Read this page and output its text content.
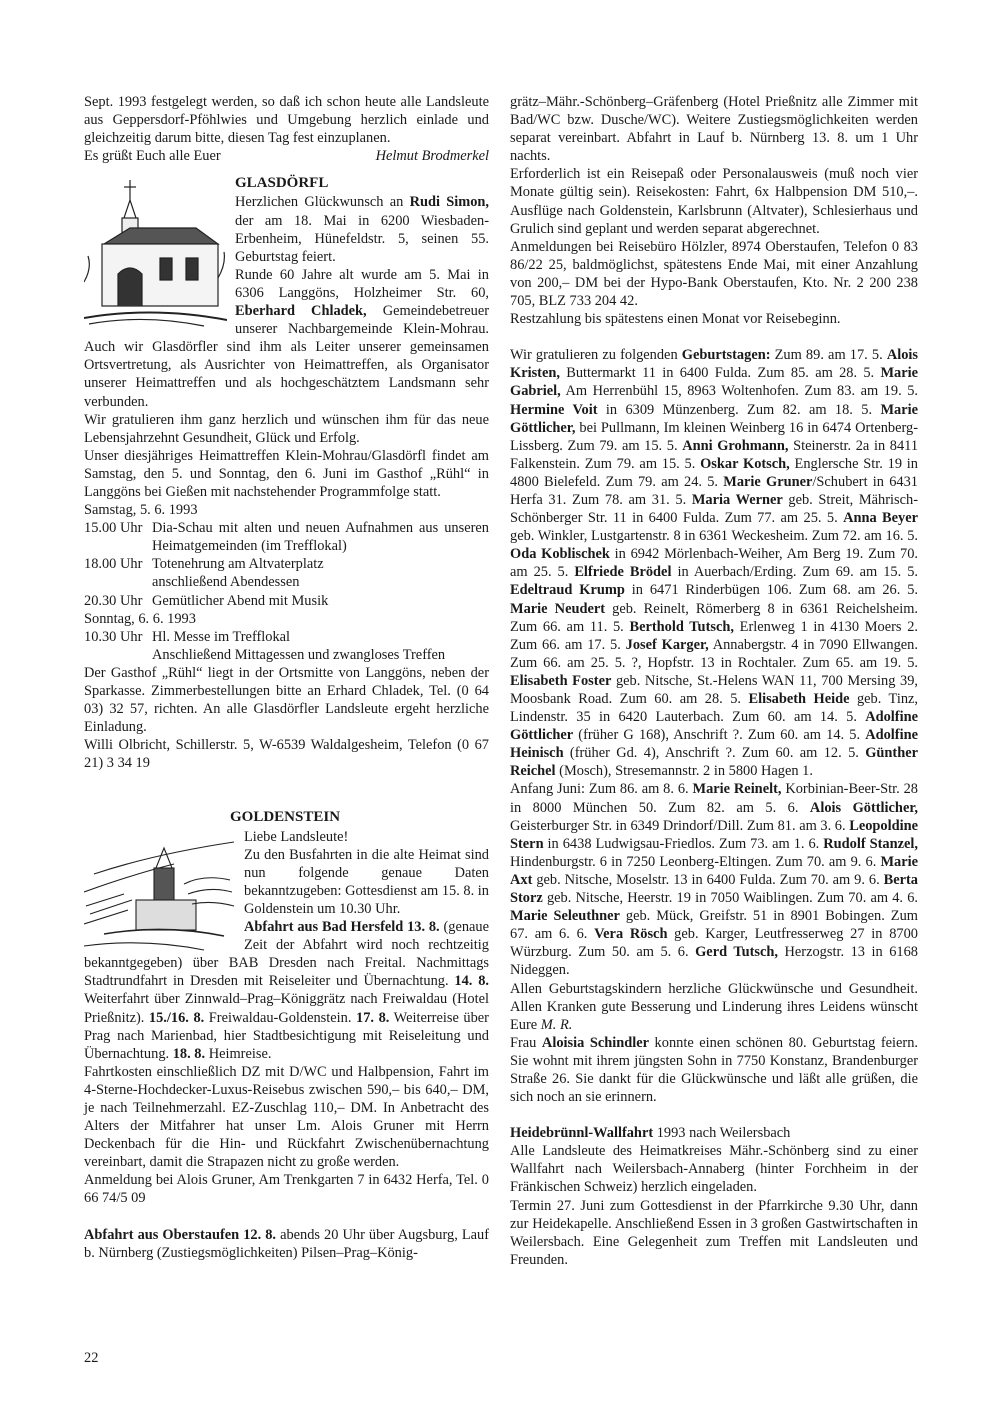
Sept. 1993 festgelegt werden, so daß ich schon heute alle Landsleute aus Geppersdorf-Pföhlwies und Umgebung herzlich einlade und gleichzeitig darum bitte, diesen Tag fest einzuplanen.

Es grüßt Euch alle Euer	Helmut Brodmerkel

GLASDÖRFL

Herzlichen Glückwunsch an Rudi Simon, der am 18. Mai in 6200 Wiesbaden-Erbenheim, Hünefeldstr. 5, seinen 55. Geburtstag feiert.

Runde 60 Jahre alt wurde am 5. Mai in 6306 Langgöns, Holzheimer Str. 60, Eberhard Chladek, Gemeindebetreuer unserer Nachbargemeinde Klein-Mohrau. Auch wir Glasdörfler sind ihm als Leiter unserer gemeinsamen Ortsvertretung, als Ausrichter von Heimattreffen, als Organisator unserer Heimattreffen und als hochgeschätztem Landsmann sehr verbunden.

Wir gratulieren ihm ganz herzlich und wünschen ihm für das neue Lebensjahrzehnt Gesundheit, Glück und Erfolg.

Unser diesjähriges Heimattreffen Klein-Mohrau/Glasdörfl findet am Samstag, den 5. und Sonntag, den 6. Juni im Gasthof „Rühl“ in Langgöns bei Gießen mit nachstehender Programmfolge statt.

Samstag, 5. 6. 1993

15.00 Uhr Dia-Schau mit alten und neuen Aufnahmen aus unseren Heimatgemeinden (im Trefflokal)
18.00 Uhr Totenehrung am Altvaterplatz

anschließend Abendessen

20.30 Uhr Gemütlicher Abend mit Musik

Sonntag, 6. 6. 1993

10.30 Uhr Hl. Messe im Trefflokal

Anschließend Mittagessen und zwangloses Treffen

Der Gasthof „Rühl“ liegt in der Ortsmitte von Langgöns, neben der Sparkasse. Zimmerbestellungen bitte an Erhard Chladek, Tel. (0 64 03) 32 57, richten. An alle Glasdörfler Landsleute ergeht herzliche Einladung.

Willi Olbricht, Schillerstr. 5, W-6539 Waldalgesheim, Telefon (0 67 21) 3 34 19

GOLDENSTEIN

Liebe Landsleute!

Zu den Busfahrten in die alte Heimat sind nun folgende genaue Daten bekanntzugeben: Gottesdienst am 15. 8. in Goldenstein um 10.30 Uhr.

Abfahrt aus Bad Hersfeld 13. 8. (genaue Zeit der Abfahrt wird noch rechtzeitig bekanntgegeben) über BAB Dresden nach Freital. Nachmittags Stadtrundfahrt in Dresden mit Reiseleiter und Übernachtung. 14. 8. Weiterfahrt über Zinnwald–Prag–Königgrätz nach Freiwaldau (Hotel Prießnitz). 15./16. 8. Freiwaldau-Goldenstein. 17. 8. Weiterreise über Prag nach Marienbad, hier Stadtbesichtigung mit Reiseleitung und Übernachtung. 18. 8. Heimreise.

Fahrtkosten einschließlich DZ mit D/WC und Halbpension, Fahrt im 4-Sterne-Hochdecker-Luxus-Reisebus zwischen 590,– bis 640,– DM, je nach Teilnehmerzahl. EZ-Zuschlag 110,– DM. In Anbetracht des Alters der Mitfahrer hat unser Lm. Alois Gruner mit Herrn Deckenbach für die Hin- und Rückfahrt Zwischenübernachtung vereinbart, damit die Strapazen nicht zu große werden.

Anmeldung bei Alois Gruner, Am Trenkgarten 7 in 6432 Herfa, Tel. 0 66 74/5 09

Abfahrt aus Oberstaufen 12. 8. abends 20 Uhr über Augsburg, Lauf b. Nürnberg (Zustiegsmöglichkeiten) Pilsen–Prag–König-

grätz–Mähr.-Schönberg–Gräfenberg (Hotel Prießnitz alle Zimmer mit Bad/WC bzw. Dusche/WC). Weitere Zustiegsmöglichkeiten werden separat vereinbart. Abfahrt in Lauf b. Nürnberg 13. 8. um 1 Uhr nachts.

Erforderlich ist ein Reisepaß oder Personalausweis (muß noch vier Monate gültig sein). Reisekosten: Fahrt, 6x Halbpension DM 510,–. Ausflüge nach Goldenstein, Karlsbrunn (Altvater), Schlesierhaus und Grulich sind geplant und werden separat abgerechnet.

Anmeldungen bei Reisebüro Hölzler, 8974 Oberstaufen, Telefon 0 83 86/22 25, baldmöglichst, spätestens Ende Mai, mit einer Anzahlung von 200,– DM bei der Hypo-Bank Oberstaufen, Kto. Nr. 2 200 238 705, BLZ 733 204 42.

Restzahlung bis spätestens einen Monat vor Reisebeginn.

Wir gratulieren zu folgenden Geburtstagen: Zum 89. am 17. 5. Alois Kristen, Buttermarkt 11 in 6400 Fulda. Zum 85. am 28. 5. Marie Gabriel, Am Herrenbühl 15, 8963 Woltenhofen. Zum 83. am 19. 5. Hermine Voit in 6309 Münzenberg. Zum 82. am 18. 5. Marie Göttlicher, bei Pullmann, Im kleinen Weinberg 16 in 6474 Ortenberg-Lissberg. Zum 79. am 15. 5. Anni Grohmann, Steinerstr. 2a in 8411 Falkenstein. Zum 79. am 15. 5. Oskar Kotsch, Englersche Str. 19 in 4800 Bielefeld. Zum 79. am 24. 5. Marie Gruner/Schubert in 6431 Herfa 31. Zum 78. am 31. 5. Maria Werner geb. Streit, Mährisch-Schönberger Str. 11 in 6400 Fulda. Zum 77. am 25. 5. Anna Beyer geb. Winkler, Lustgartenstr. 8 in 6361 Weckesheim. Zum 72. am 16. 5. Oda Koblischek in 6942 Mörlenbach-Weiher, Am Berg 19. Zum 70. am 25. 5. Elfriede Brödel in Auerbach/Erding. Zum 69. am 15. 5. Edeltraud Krump in 6471 Rinderbügen 106. Zum 68. am 26. 5. Marie Neudert geb. Reinelt, Römerberg 8 in 6361 Reichelsheim. Zum 66. am 11. 5. Berthold Tutsch, Erlenweg 1 in 4130 Moers 2. Zum 66. am 17. 5. Josef Karger, Annabergstr. 4 in 7090 Ellwangen. Zum 66. am 25. 5. ?, Hopfstr. 13 in Rochtaler. Zum 65. am 19. 5. Elisabeth Foster geb. Nitsche, St.-Helens WAN 11, 700 Mersing 39, Moosbank Road. Zum 60. am 28. 5. Elisabeth Heide geb. Tinz, Lindenstr. 35 in 6420 Lauterbach. Zum 60. am 14. 5. Adolfine Göttlicher (früher G 168), Anschrift ?. Zum 60. am 14. 5. Adolfine Heinisch (früher Gd. 4), Anschrift ?. Zum 60. am 12. 5. Günther Reichel (Mosch), Stresemannstr. 2 in 5800 Hagen 1.

Anfang Juni: Zum 86. am 8. 6. Marie Reinelt, Korbinian-Beer-Str. 28 in 8000 München 50. Zum 82. am 5. 6. Alois Göttlicher, Geisterburger Str. in 6349 Drindorf/Dill. Zum 81. am 3. 6. Leopoldine Stern in 6438 Ludwigsau-Friedlos. Zum 73. am 1. 6. Rudolf Stanzel, Hindenburgstr. 6 in 7250 Leonberg-Eltingen. Zum 70. am 9. 6. Marie Axt geb. Nitsche, Moselstr. 13 in 6400 Fulda. Zum 70. am 9. 6. Berta Storz geb. Nitsche, Heerstr. 19 in 7050 Waiblingen. Zum 70. am 4. 6. Marie Seleuthner geb. Mück, Greifstr. 51 in 8901 Bobingen. Zum 67. am 6. 6. Vera Rösch geb. Karger, Leutfresserweg 27 in 8700 Würzburg. Zum 50. am 5. 6. Gerd Tutsch, Herzogstr. 13 in 6168 Nideggen.

Allen Geburtstagskindern herzliche Glückwünsche und Gesundheit. Allen Kranken gute Besserung und Linderung ihres Leidens wünscht Eure M. R.

Frau Aloisia Schindler konnte einen schönen 80. Geburtstag feiern. Sie wohnt mit ihrem jüngsten Sohn in 7750 Konstanz, Brandenburger Straße 26. Sie dankt für die Glückwünsche und läßt alle grüßen, die sich noch an sie erinnern.

Heidebrünnl-Wallfahrt 1993 nach Weilersbach

Alle Landsleute des Heimatkreises Mähr.-Schönberg sind zu einer Wallfahrt nach Weilersbach-Annaberg (hinter Forchheim in der Fränkischen Schweiz) herzlich eingeladen.

Termin 27. Juni zum Gottesdienst in der Pfarrkirche 9.30 Uhr, dann zur Heidekapelle. Anschließend Essen in 3 großen Gastwirtschaften in Weilersbach. Eine Gelegenheit zum Treffen mit Landsleuten und Freunden.

22
